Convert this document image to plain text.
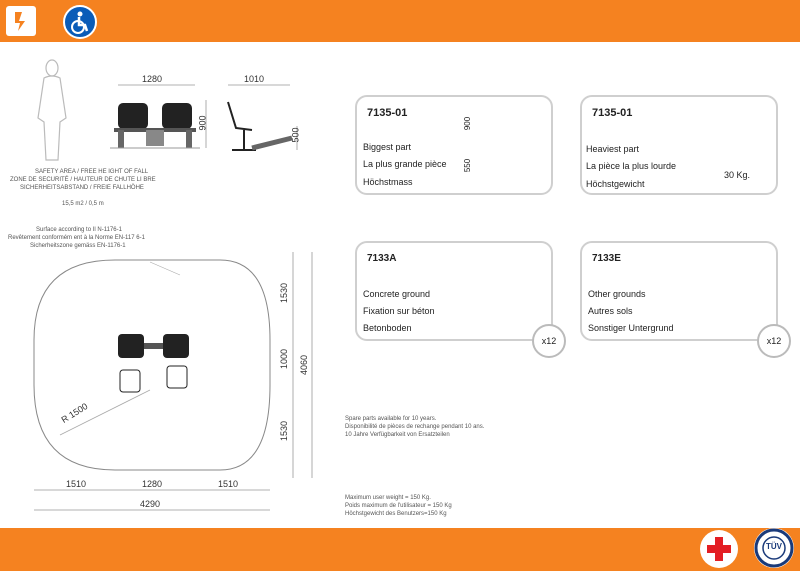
TÜV
1280
900
1010
500
SAFETY AREA / FREE HE IGHT OF FALL
ZONE DE SECURITÉ / HAUTEUR DE CHUTE LI BRE
SICHERHEITSABSTAND / FREIE FALLHÖHE
15,5 m2 / 0,5 m
Surface according to Il N-1176-1
Revêtement conformém ent à la Norme EN-117 6-1
Sicherheitszone gemäss EN-1176-1
R 1500
1510	1280	1510
4290
1530
1000
1530
4060
7135-01
Biggest part
La plus grande pièce
Höchstmass
900
550
7135-01
Heaviest part
La pièce la plus lourde
Höchstgewicht
30 Kg.
7133A
Concrete ground
Fixation sur béton
Betonboden
x12
7133E
Other grounds
Autres sols
Sonstiger Untergrund
x12
Spare parts available for 10 years.
Disponibilité de pièces de rechange pendant 10 ans.
10 Jahre Verfügbarkeit von Ersatzteilen
Maximum user weight = 150 Kg.
Poids maximum de l'utilisateur = 150 Kg
Höchstgewicht des Benutzers=150 Kg
